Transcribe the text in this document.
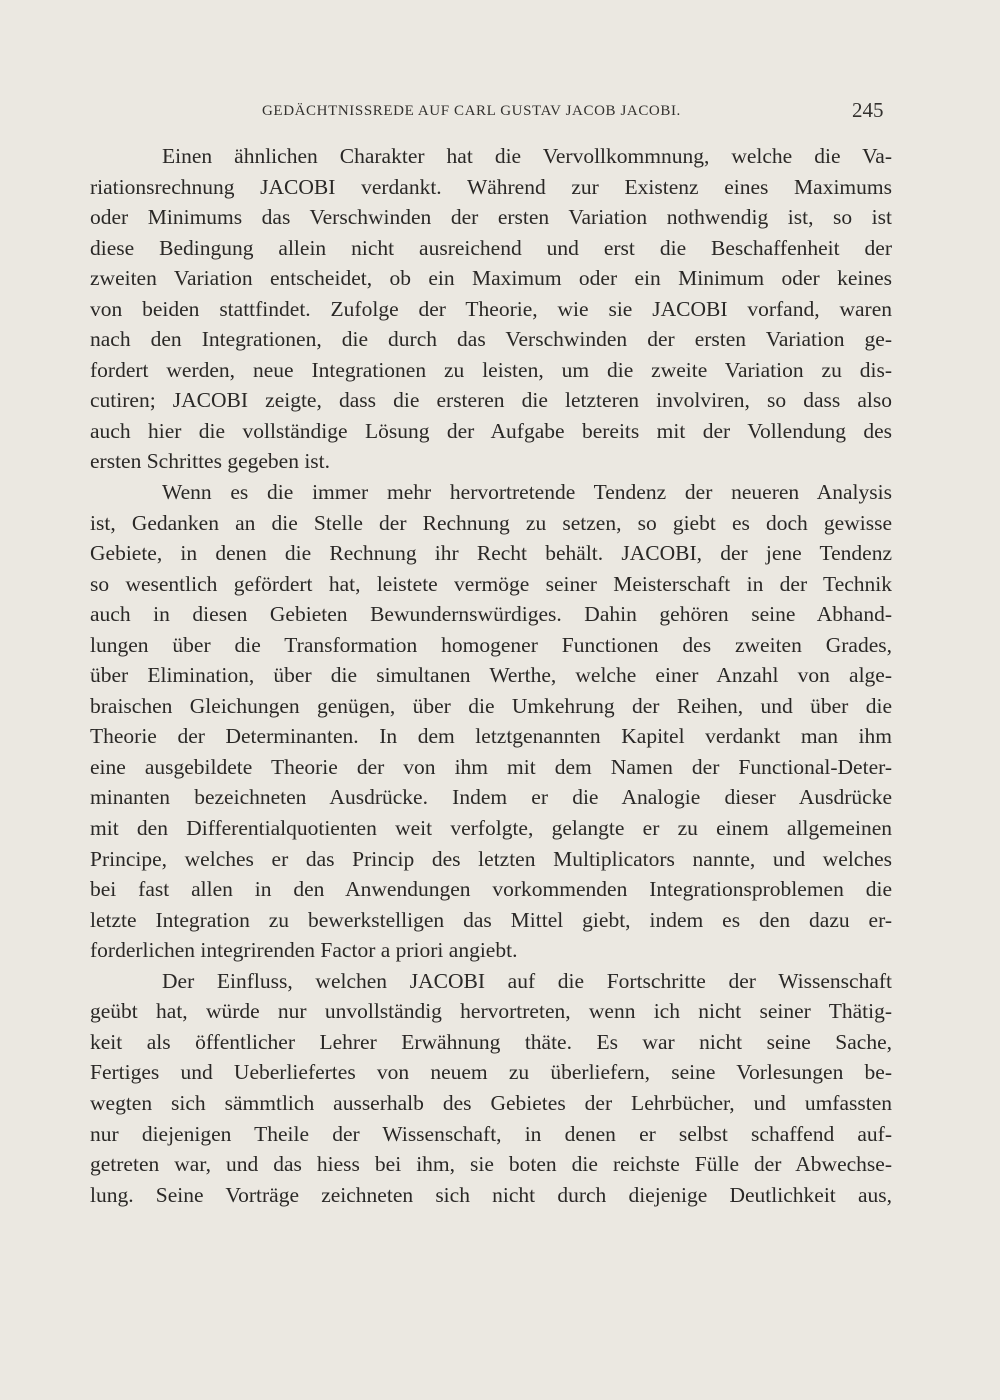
GEDÄCHTNISSREDE AUF CARL GUSTAV JACOB JACOBI.	245
Einen ähnlichen Charakter hat die Vervollkommnung, welche die Va-
riationsrechnung JACOBI verdankt. Während zur Existenz eines Maximums
oder Minimums das Verschwinden der ersten Variation nothwendig ist, so ist
diese Bedingung allein nicht ausreichend und erst die Beschaffenheit der
zweiten Variation entscheidet, ob ein Maximum oder ein Minimum oder keines
von beiden stattfindet. Zufolge der Theorie, wie sie JACOBI vorfand, waren
nach den Integrationen, die durch das Verschwinden der ersten Variation ge-
fordert werden, neue Integrationen zu leisten, um die zweite Variation zu dis-
cutiren; JACOBI zeigte, dass die ersteren die letzteren involviren, so dass also
auch hier die vollständige Lösung der Aufgabe bereits mit der Vollendung des
ersten Schrittes gegeben ist.
Wenn es die immer mehr hervortretende Tendenz der neueren Analysis
ist, Gedanken an die Stelle der Rechnung zu setzen, so giebt es doch gewisse
Gebiete, in denen die Rechnung ihr Recht behält. JACOBI, der jene Tendenz
so wesentlich gefördert hat, leistete vermöge seiner Meisterschaft in der Technik
auch in diesen Gebieten Bewundernswürdiges. Dahin gehören seine Abhand-
lungen über die Transformation homogener Functionen des zweiten Grades,
über Elimination, über die simultanen Werthe, welche einer Anzahl von alge-
braischen Gleichungen genügen, über die Umkehrung der Reihen, und über die
Theorie der Determinanten. In dem letztgenannten Kapitel verdankt man ihm
eine ausgebildete Theorie der von ihm mit dem Namen der Functional-Deter-
minanten bezeichneten Ausdrücke. Indem er die Analogie dieser Ausdrücke
mit den Differentialquotienten weit verfolgte, gelangte er zu einem allgemeinen
Principe, welches er das Princip des letzten Multiplicators nannte, und welches
bei fast allen in den Anwendungen vorkommenden Integrationsproblemen die
letzte Integration zu bewerkstelligen das Mittel giebt, indem es den dazu er-
forderlichen integrirenden Factor a priori angiebt.
Der Einfluss, welchen JACOBI auf die Fortschritte der Wissenschaft
geübt hat, würde nur unvollständig hervortreten, wenn ich nicht seiner Thätig-
keit als öffentlicher Lehrer Erwähnung thäte. Es war nicht seine Sache,
Fertiges und Ueberliefertes von neuem zu überliefern, seine Vorlesungen be-
wegten sich sämmtlich ausserhalb des Gebietes der Lehrbücher, und umfassten
nur diejenigen Theile der Wissenschaft, in denen er selbst schaffend auf-
getreten war, und das hiess bei ihm, sie boten die reichste Fülle der Abwechse-
lung. Seine Vorträge zeichneten sich nicht durch diejenige Deutlichkeit aus,
